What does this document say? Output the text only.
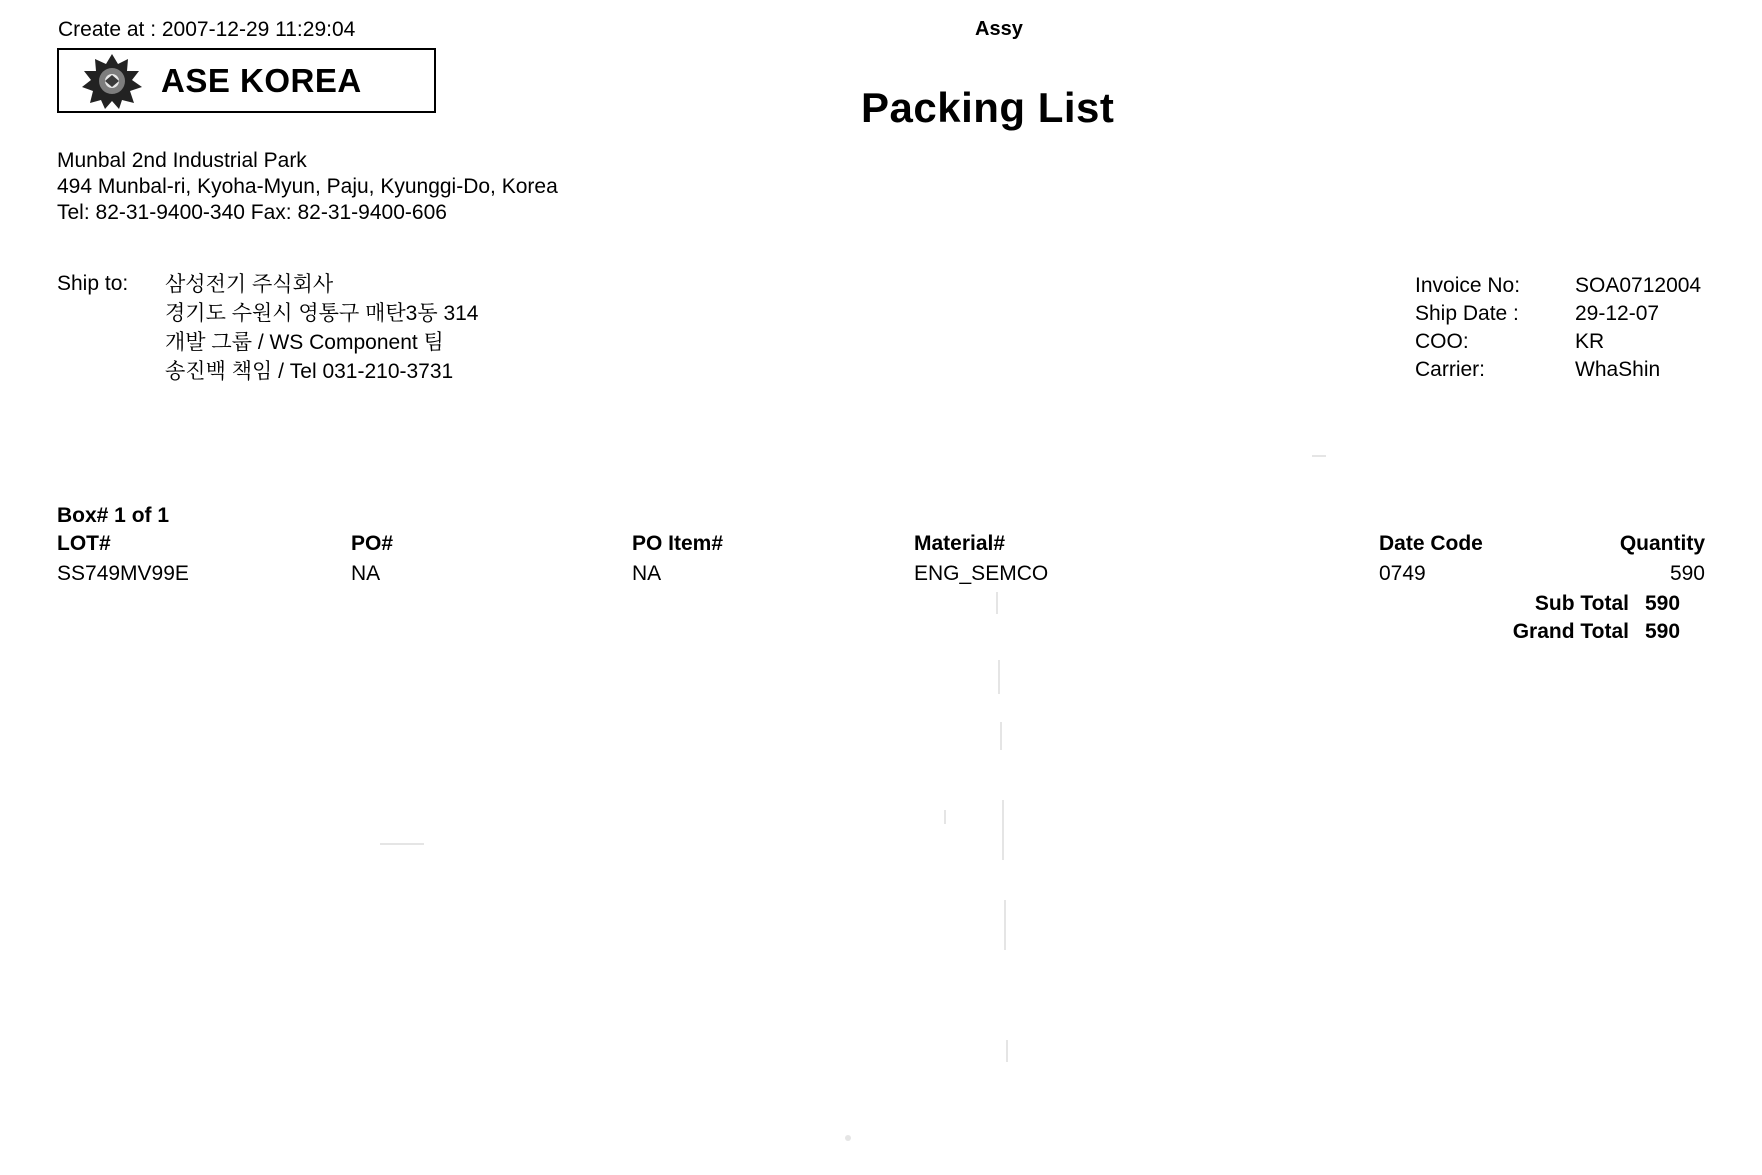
Create at : 2007-12-29 11:29:04
ASE KOREA
Munbal 2nd Industrial Park
494 Munbal-ri, Kyoha-Myun, Paju, Kyunggi-Do, Korea
Tel: 82-31-9400-340 Fax: 82-31-9400-606
Assy
Packing List
Ship to: 삼성전기 주식회사
경기도 수원시 영통구 매탄3동 314
개발 그룹 / WS Component 팀
송진백 책임 / Tel 031-210-3731
Invoice No:	SOA0712004
Ship Date :	29-12-07
COO:	KR
Carrier:	WhaShin
Box# 1 of 1
LOT#	PO#	PO Item#	Material#	Date Code	Quantity
SS749MV99E	NA	NA	ENG_SEMCO	0749	590
Sub Total 590
Grand Total 590
